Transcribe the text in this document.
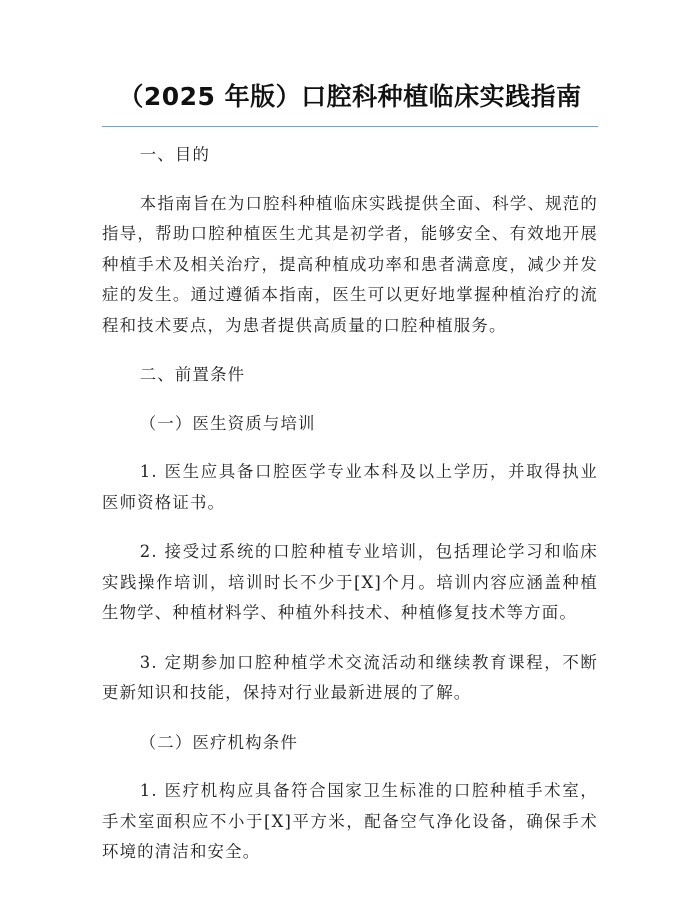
（2025 年版）口腔科种植临床实践指南

一、目的

本指南旨在为口腔科种植临床实践提供全面、科学、规范的指导，帮助口腔种植医生尤其是初学者，能够安全、有效地开展种植手术及相关治疗，提高种植成功率和患者满意度，减少并发症的发生。通过遵循本指南，医生可以更好地掌握种植治疗的流程和技术要点，为患者提供高质量的口腔种植服务。

二、前置条件

（一）医生资质与培训

1. 医生应具备口腔医学专业本科及以上学历，并取得执业医师资格证书。

2. 接受过系统的口腔种植专业培训，包括理论学习和临床实践操作培训，培训时长不少于[X]个月。培训内容应涵盖种植生物学、种植材料学、种植外科技术、种植修复技术等方面。

3. 定期参加口腔种植学术交流活动和继续教育课程，不断更新知识和技能，保持对行业最新进展的了解。

（二）医疗机构条件

1. 医疗机构应具备符合国家卫生标准的口腔种植手术室，手术室面积应不小于[X]平方米，配备空气净化设备，确保手术环境的清洁和安全。
